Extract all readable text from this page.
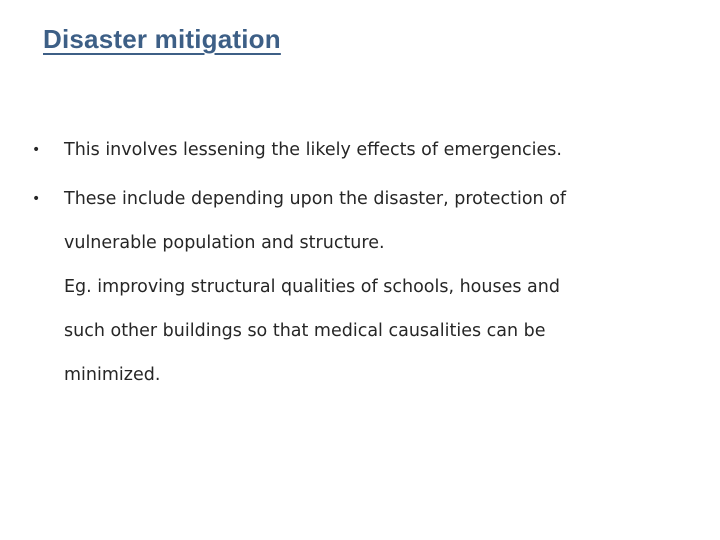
Disaster mitigation
• This involves lessening the likely effects of emergencies.
• These include depending upon the disaster, protection of

vulnerable population and structure.

Eg. improving structural qualities of schools, houses and

such other buildings so that medical causalities can be

minimized.
